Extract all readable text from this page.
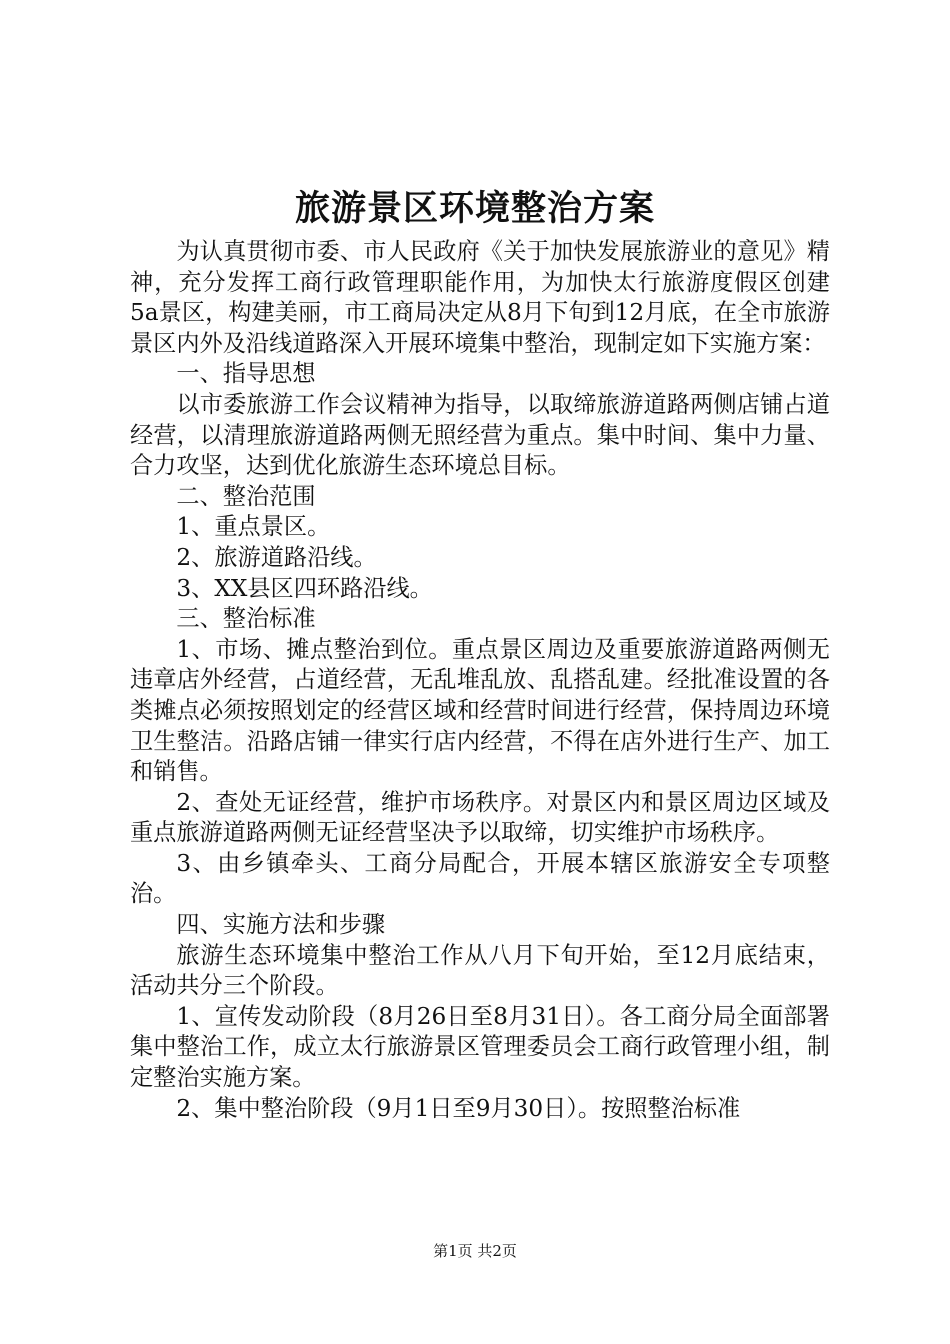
旅游景区环境整治方案

为认真贯彻市委、市人民政府《关于加快发展旅游业的意见》精神，充分发挥工商行政管理职能作用，为加快太行旅游度假区创建5a景区，构建美丽，市工商局决定从8月下旬到12月底，在全市旅游景区内外及沿线道路深入开展环境集中整治，现制定如下实施方案：

一、指导思想

以市委旅游工作会议精神为指导，以取缔旅游道路两侧店铺占道经营，以清理旅游道路两侧无照经营为重点。集中时间、集中力量、合力攻坚，达到优化旅游生态环境总目标。

二、整治范围

1、重点景区。

2、旅游道路沿线。

3、XX县区四环路沿线。

三、整治标准

1、市场、摊点整治到位。重点景区周边及重要旅游道路两侧无违章店外经营，占道经营，无乱堆乱放、乱搭乱建。经批准设置的各类摊点必须按照划定的经营区域和经营时间进行经营，保持周边环境卫生整洁。沿路店铺一律实行店内经营，不得在店外进行生产、加工和销售。

2、查处无证经营，维护市场秩序。对景区内和景区周边区域及重点旅游道路两侧无证经营坚决予以取缔，切实维护市场秩序。

3、由乡镇牵头、工商分局配合，开展本辖区旅游安全专项整治。

四、实施方法和步骤

旅游生态环境集中整治工作从八月下旬开始，至12月底结束，活动共分三个阶段。

1、宣传发动阶段（8月26日至8月31日）。各工商分局全面部署集中整治工作，成立太行旅游景区管理委员会工商行政管理小组，制定整治实施方案。

2、集中整治阶段（9月1日至9月30日）。按照整治标准

第1页 共2页
